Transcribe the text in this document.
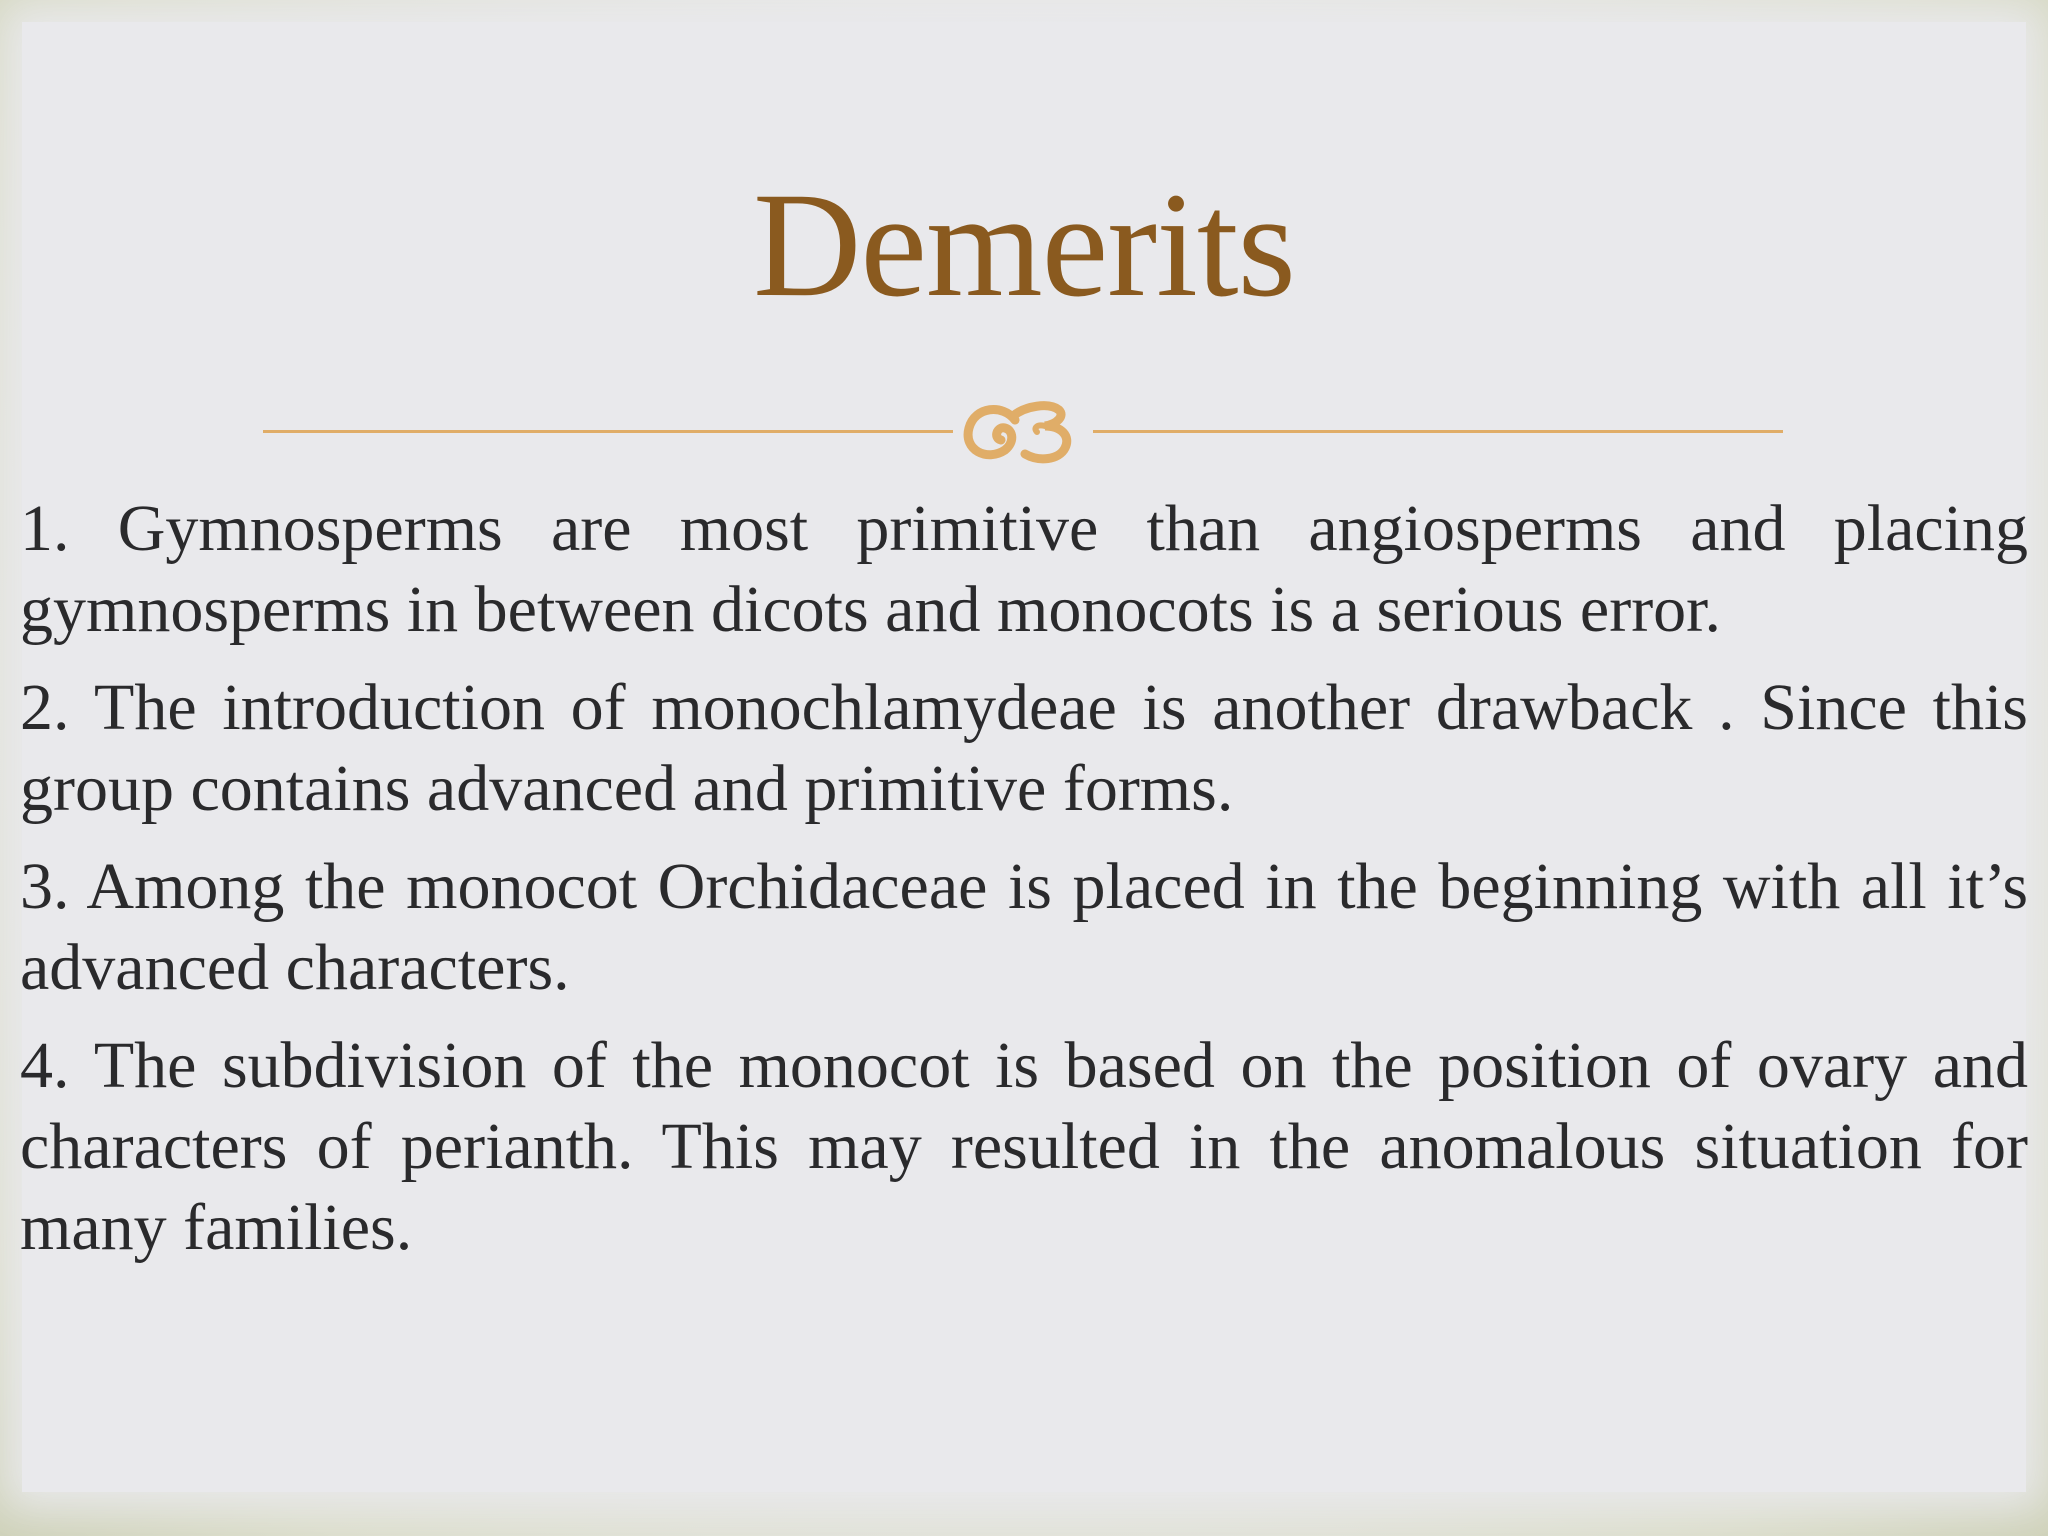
Demerits

1. Gymnosperms are most primitive than angiosperms and placing gymnosperms in between dicots and monocots is a serious error.

2. The introduction of monochlamydeae is another drawback . Since this group contains advanced and primitive forms.

3. Among the monocot Orchidaceae is placed in the beginning with all it’s advanced characters.

4. The subdivision of the monocot is based on the position of ovary and characters of perianth. This may resulted in the anomalous situation for many families.
